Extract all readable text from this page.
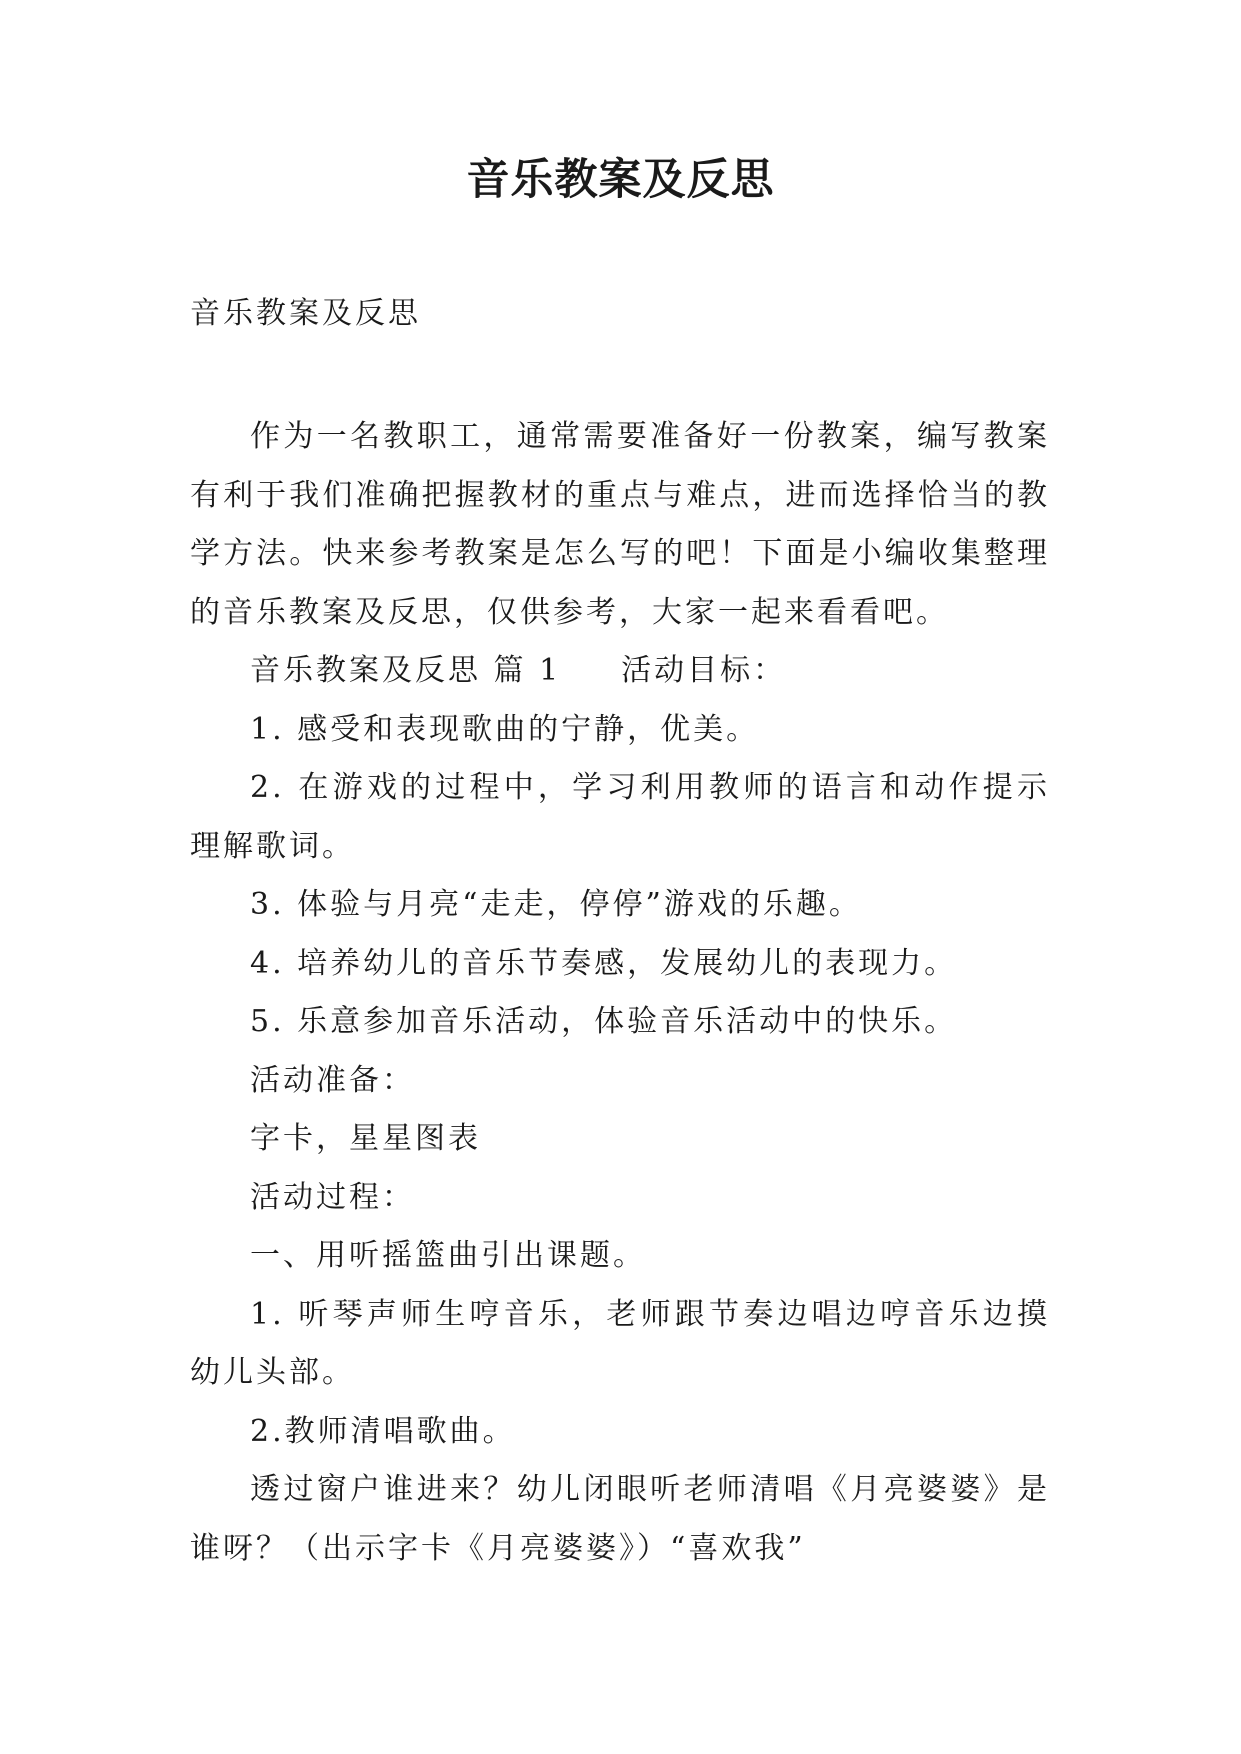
音乐教案及反思
音乐教案及反思

作为一名教职工，通常需要准备好一份教案，编写教案有利于我们准确把握教材的重点与难点，进而选择恰当的教学方法。快来参考教案是怎么写的吧！下面是小编收集整理的音乐教案及反思，仅供参考，大家一起来看看吧。

音乐教案及反思 篇 1 活动目标：

1. 感受和表现歌曲的宁静，优美。

2. 在游戏的过程中，学习利用教师的语言和动作提示理解歌词。

3. 体验与月亮“走走，停停”游戏的乐趣。

4. 培养幼儿的音乐节奏感，发展幼儿的表现力。

5. 乐意参加音乐活动，体验音乐活动中的快乐。

活动准备：

字卡，星星图表

活动过程：

一、用听摇篮曲引出课题。

1. 听琴声师生哼音乐，老师跟节奏边唱边哼音乐边摸幼儿头部。

2.教师清唱歌曲。

透过窗户谁进来？幼儿闭眼听老师清唱《月亮婆婆》是谁呀？（出示字卡《月亮婆婆》）“喜欢我”
